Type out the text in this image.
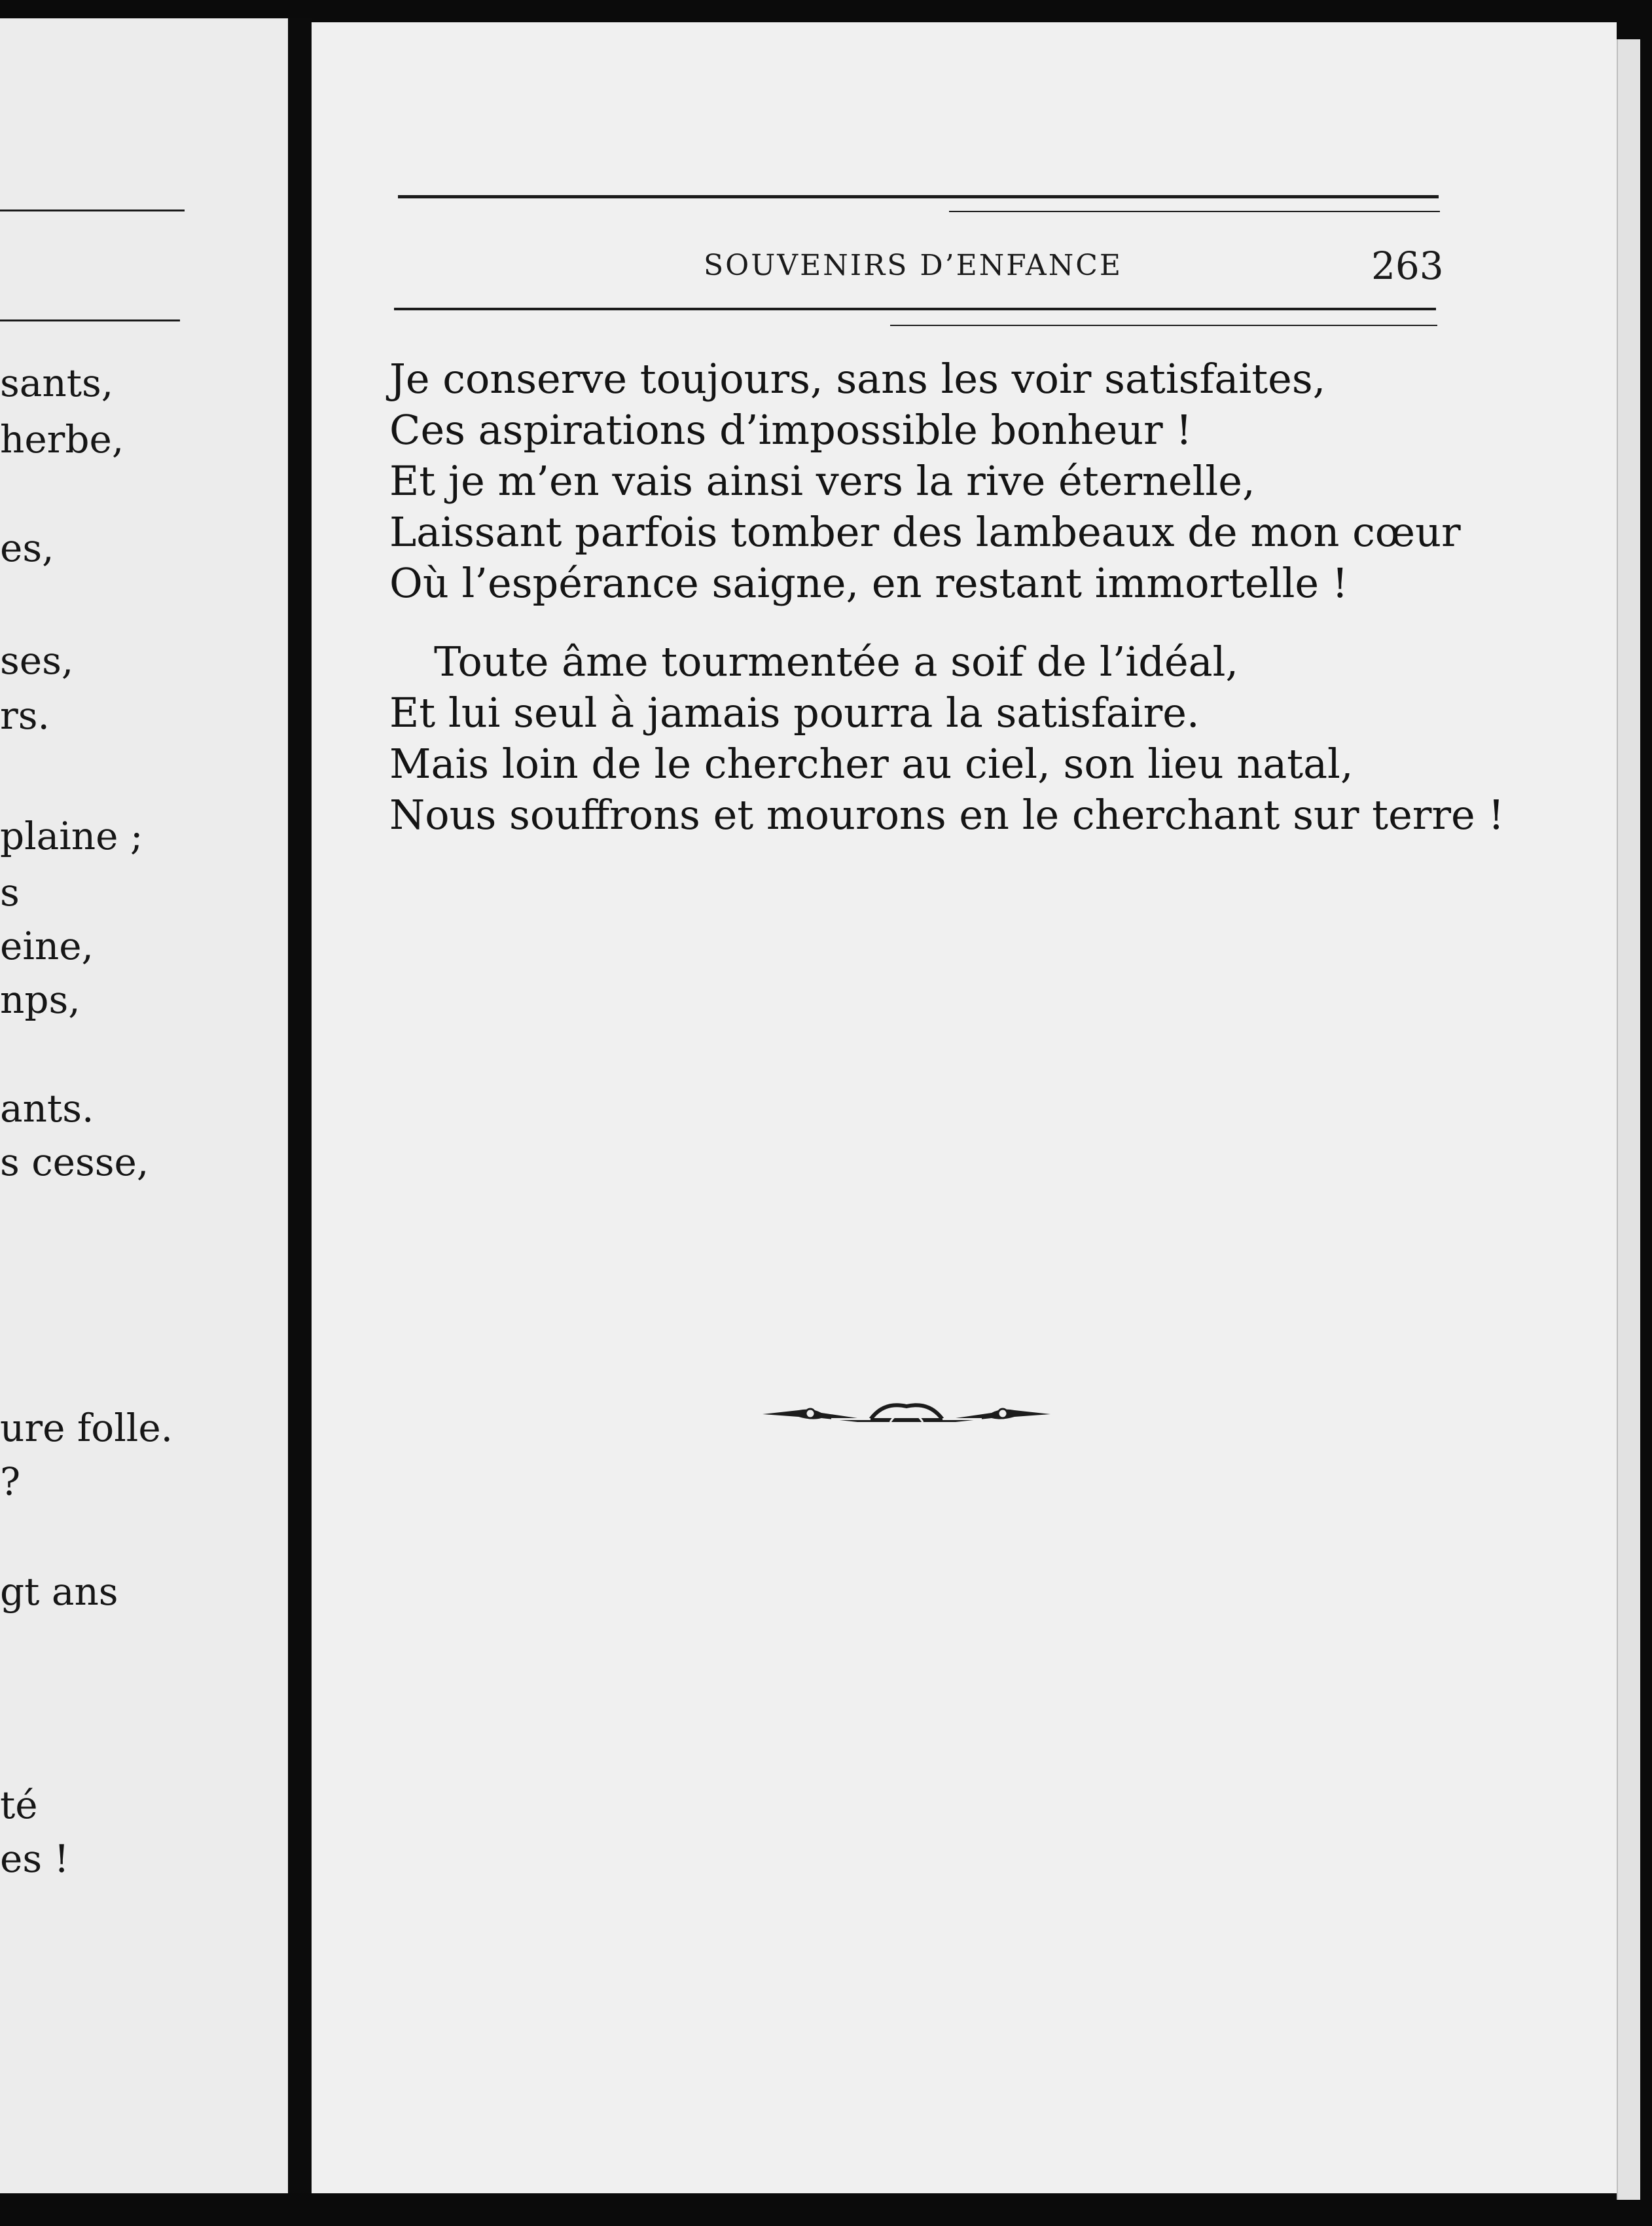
sants,
herbe,
es,
ses,
rs.
plaine ;
s
eine,
nps,
ants.
s cesse,
ure folle.
?
gt ans
té
es !
SOUVENIRS D’ENFANCE	263
Je conserve toujours, sans les voir satisfaites,
Ces aspirations d’impossible bonheur !
Et je m’en vais ainsi vers la rive éternelle,
Laissant parfois tomber des lambeaux de mon cœur
Où l’espérance saigne, en restant immortelle !
Toute âme tourmentée a soif de l’idéal,
Et lui seul à jamais pourra la satisfaire.
Mais loin de le chercher au ciel, son lieu natal,
Nous souffrons et mourons en le cherchant sur terre !
